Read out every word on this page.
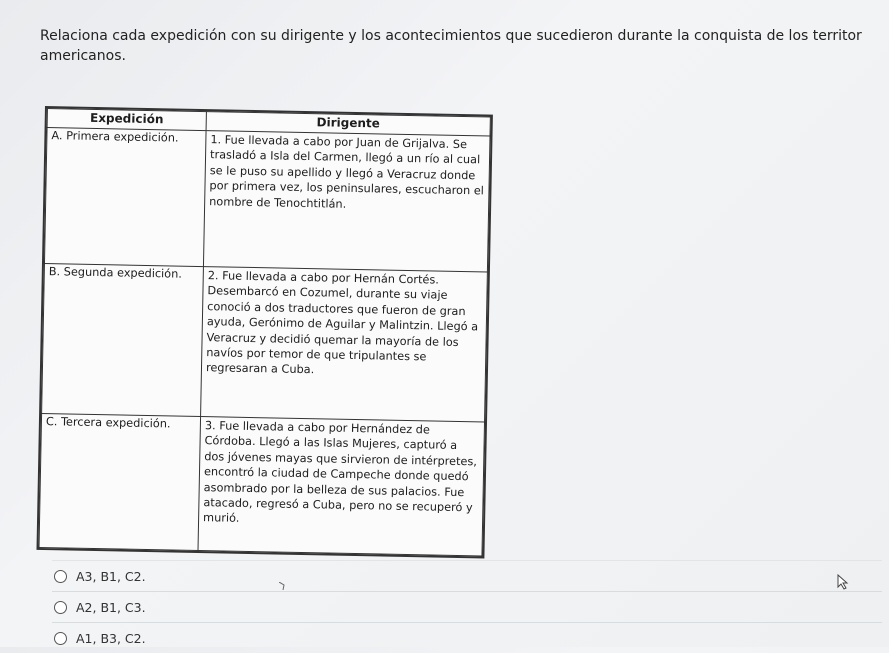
Relaciona cada expedición con su dirigente y los acontecimientos que sucedieron durante la conquista de los territor
americanos.
Expedición	Dirigente
A. Primera expedición.	1. Fue llevada a cabo por Juan de Grijalva. Se trasladó a Isla del Carmen, llegó a un río al cual se le puso su apellido y llegó a Veracruz donde por primera vez, los peninsulares, escucharon el nombre de Tenochtitlán.
B. Segunda expedición.	2. Fue llevada a cabo por Hernán Cortés. Desembarcó en Cozumel, durante su viaje conoció a dos traductores que fueron de gran ayuda, Gerónimo de Aguilar y Malintzin. Llegó a Veracruz y decidió quemar la mayoría de los navíos por temor de que tripulantes se regresaran a Cuba.
C. Tercera expedición.	3. Fue llevada a cabo por Hernández de Córdoba. Llegó a las Islas Mujeres, capturó a dos jóvenes mayas que sirvieron de intérpretes, encontró la ciudad de Campeche donde quedó asombrado por la belleza de sus palacios. Fue atacado, regresó a Cuba, pero no se recuperó y murió.
A3, B1, C2.
A2, B1, C3.
A1, B3, C2.
